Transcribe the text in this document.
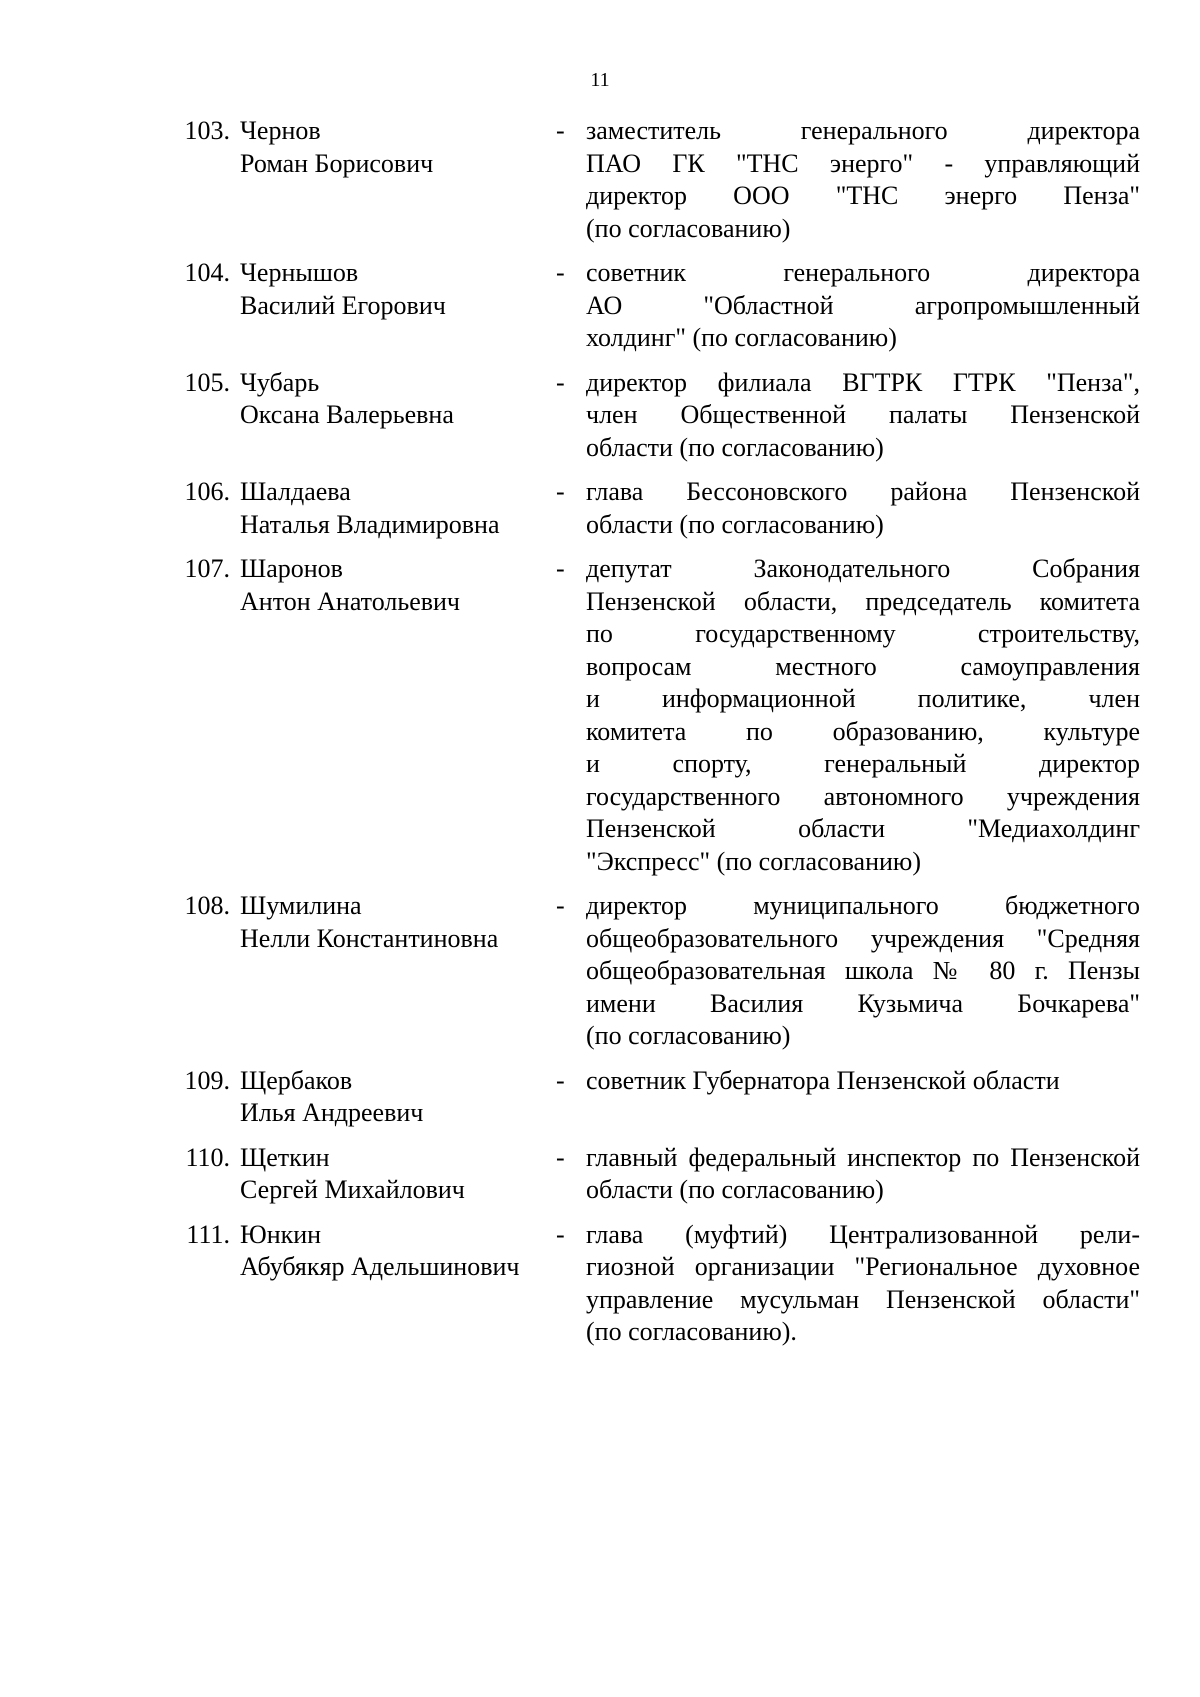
11
103. Чернов
Роман Борисович
- заместитель генерального директора
ПАО ГК "ТНС энерго" - управляющий
директор ООО "ТНС энерго Пенза"
(по согласованию)
104. Чернышов
Василий Егорович
- советник генерального директора
АО "Областной агропромышленный
холдинг" (по согласованию)
105. Чубарь
Оксана Валерьевна
- директор филиала ВГТРК ГТРК "Пенза",
член Общественной палаты Пензенской
области (по согласованию)
106. Шалдаева
Наталья Владимировна
- глава Бессоновского района Пензенской
области (по согласованию)
107. Шаронов
Антон Анатольевич
- депутат Законодательного Собрания
Пензенской области, председатель комитета
по государственному строительству,
вопросам местного самоуправления
и информационной политике, член
комитета по образованию, культуре
и спорту, генеральный директор
государственного автономного учреждения
Пензенской области "Медиахолдинг
"Экспресс" (по согласованию)
108. Шумилина
Нелли Константиновна
- директор муниципального бюджетного
общеобразовательного учреждения "Средняя
общеобразовательная школа № 80 г. Пензы
имени Василия Кузьмича Бочкарева"
(по согласованию)
109. Щербаков
Илья Андреевич
- советник Губернатора Пензенской области
110. Щеткин
Сергей Михайлович
- главный федеральный инспектор по Пензенской
области (по согласованию)
111. Юнкин
Абубякяр Адельшинович
- глава (муфтий) Централизованной рели-
гиозной организации "Региональное духовное
управление мусульман Пензенской области"
(по согласованию).
